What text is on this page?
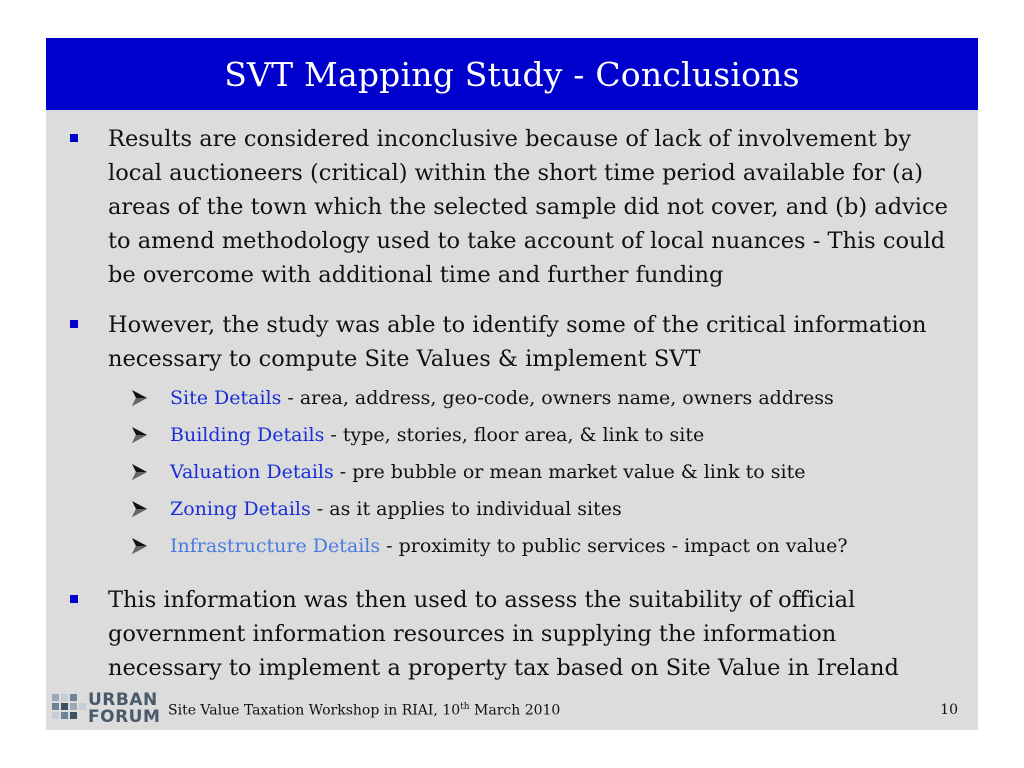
SVT Mapping Study - Conclusions
Results are considered inconclusive because of lack of involvement by local auctioneers (critical) within the short time period available for (a) areas of the town which the selected sample did not cover, and (b) advice to amend methodology used to take account of local nuances - This could be overcome with additional time and further funding
However, the study was able to identify some of the critical information necessary to compute Site Values & implement SVT
Site Details - area, address, geo-code, owners name, owners address
Building Details - type, stories, floor area, & link to site
Valuation Details - pre bubble or mean market value & link to site
Zoning Details - as it applies to individual sites
Infrastructure Details - proximity to public services - impact on value?
This information was then used to assess the suitability of official government information resources in supplying the information necessary to implement a property tax based on Site Value in Ireland
URBAN
FORUM Site Value Taxation Workshop in RIAI, 10th March 2010	10
